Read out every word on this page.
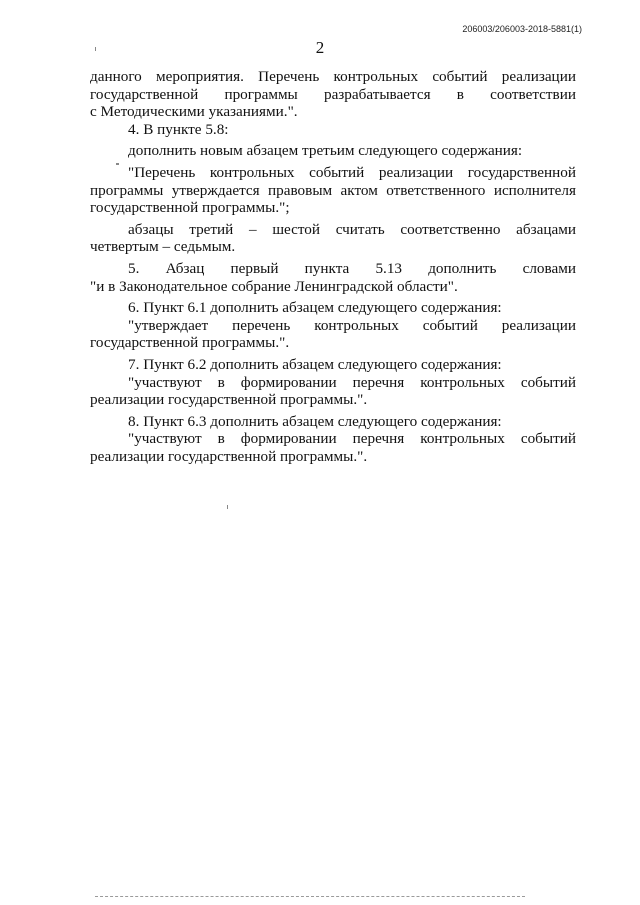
206003/206003-2018-5881(1)
2
данного мероприятия. Перечень контрольных событий реализации
государственной программы разрабатывается в соответствии
с Методическими указаниями.".
4. В пункте 5.8:
дополнить новым абзацем третьим следующего содержания:
"Перечень контрольных событий реализации государственной
программы утверждается правовым актом ответственного исполнителя
государственной программы.";
абзацы третий – шестой считать соответственно абзацами
четвертым – седьмым.
5. Абзац первый пункта 5.13 дополнить словами
"и в Законодательное собрание Ленинградской области".
6. Пункт 6.1 дополнить абзацем следующего содержания:
"утверждает перечень контрольных событий реализации
государственной программы.".
7. Пункт 6.2 дополнить абзацем следующего содержания:
"участвуют в формировании перечня контрольных событий
реализации государственной программы.".
8. Пункт 6.3 дополнить абзацем следующего содержания:
"участвуют в формировании перечня контрольных событий
реализации государственной программы.".
